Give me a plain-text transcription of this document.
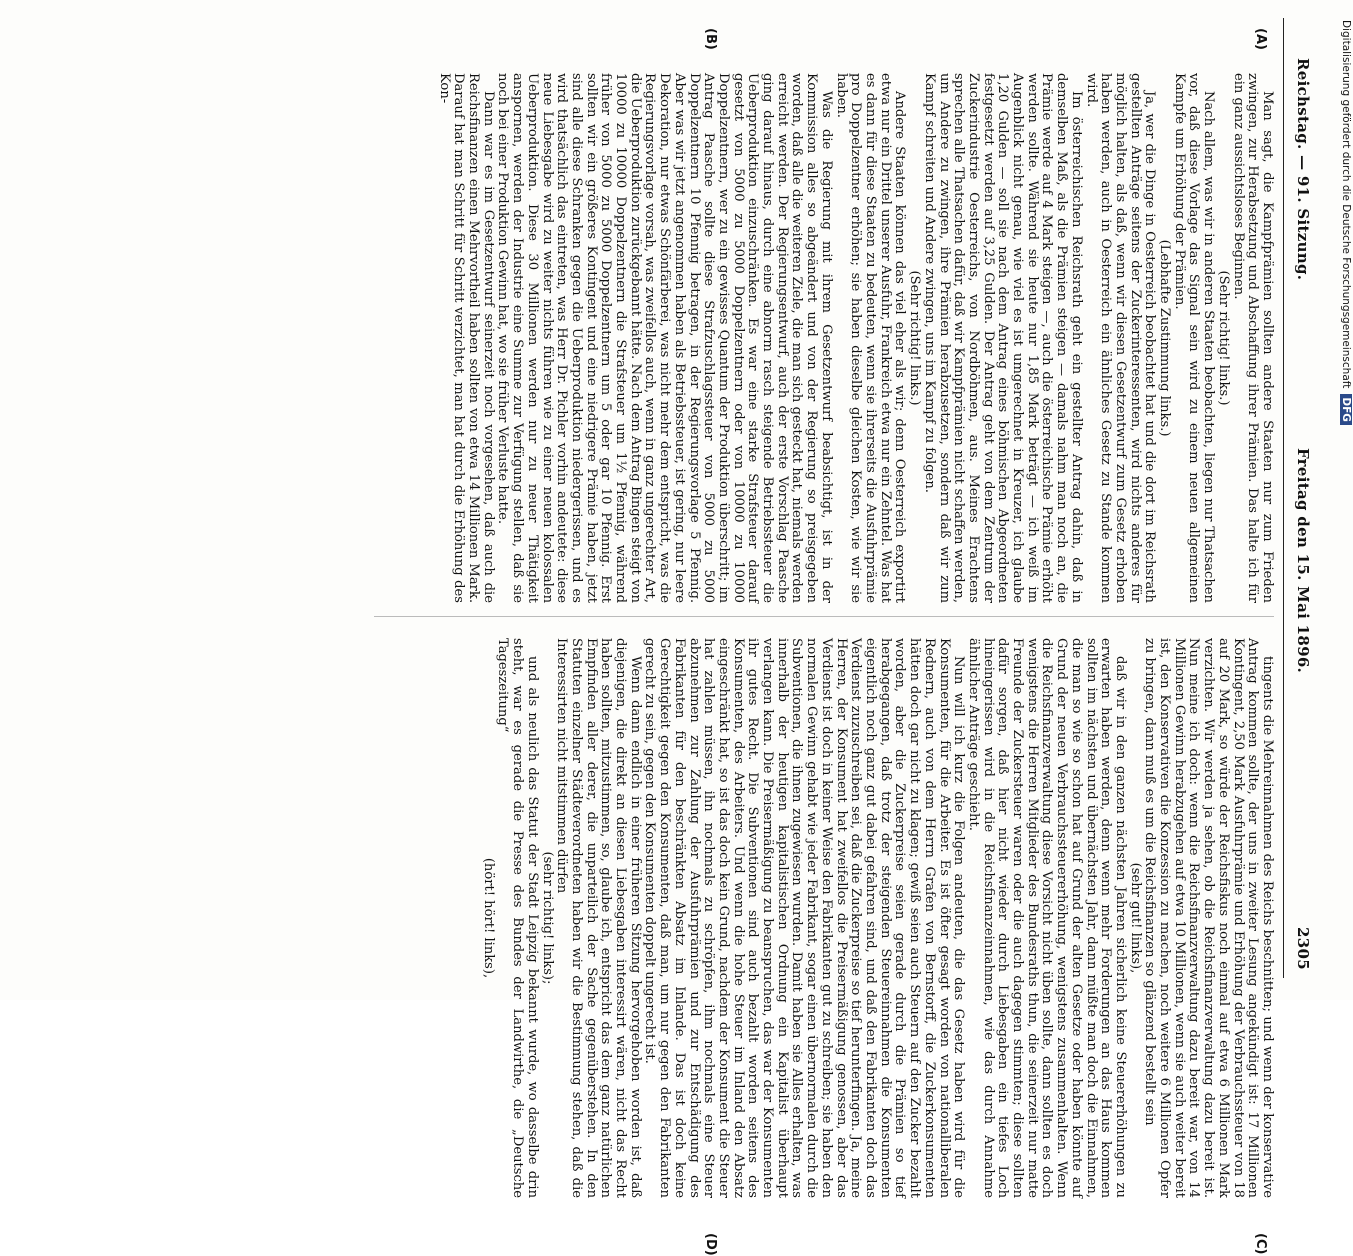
Reichstag. — 91. Sitzung.
Freitag den 15. Mai 1896.
2305
(A)
(B)
(C)
(D)

Man sagt, die Kampfprämien sollten andere Staaten nur zum Frieden zwingen, zur Herabsetzung und Abschaffung ihrer Prämien. Das halte ich für ein ganz aussichtsloses Beginnen.

(Sehr richtig! links.)

Nach allem, was wir in anderen Staaten beobachten, liegen nur Thatsachen vor, daß diese Vorlage das Signal sein wird zu einem neuen allgemeinen Kampfe um Erhöhung der Prämien.

(Lebhafte Zustimmung links.)

Ja, wer die Dinge in Oesterreich beobachtet hat und die dort im Reichsrath gestellten Anträge seitens der Zuckerinteressenten, wird nichts anderes für möglich halten, als daß, wenn wir diesen Gesetzentwurf zum Gesetz erhoben haben werden, auch in Oesterreich ein ähnliches Gesetz zu Stande kommen wird.

Im österreichischen Reichsrath geht ein gestellter Antrag dahin, daß in demselben Maß, als die Prämien steigen — damals nahm man noch an, die Prämie werde auf 4 Mark steigen —, auch die österreichische Prämie erhöht werden sollte. Während sie heute nur 1,85 Mark beträgt — ich weiß im Augenblick nicht genau, wie viel es ist umgerechnet in Kreuzer, ich glaube 1,20 Gulden — soll sie nach dem Antrag eines böhmischen Abgeordneten festgesetzt werden auf 3,25 Gulden. Der Antrag geht von dem Zentrum der Zuckerindustrie Oesterreichs, von Nordböhmen, aus. Meines Erachtens sprechen alle Thatsachen dafür, daß wir Kampfprämien nicht schaffen werden, um Andere zu zwingen, ihre Prämien herabzusetzen, sondern daß wir zum Kampf schreiten und Andere zwingen, uns im Kampf zu folgen.

(Sehr richtig! links.)

Andere Staaten können das viel eher als wir; denn Oesterreich exportirt etwa nur ein Drittel unserer Ausfuhr, Frankreich etwa nur ein Zehntel. Was hat es dann für diese Staaten zu bedeuten, wenn sie ihrerseits die Ausfuhrprämie pro Doppelzentner erhöhen; sie haben dieselbe gleichen Kosten, wie wir sie haben.

Was die Regierung mit ihrem Gesetzentwurf beabsichtigt, ist in der Kommission alles so abgeändert und von der Regierung so preisgegeben worden, daß alle die weiteren Ziele, die man sich gesteckt hat, niemals werden erreicht werden. Der Regierungsentwurf, auch der erste Vorschlag Paasche ging darauf hinaus, durch eine abnorm rasch steigende Betriebssteuer die Ueberproduktion einzuschränken. Es war eine starke Strafsteuer darauf gesetzt von 5000 zu 5000 Doppelzentnern oder von 10000 zu 10000 Doppelzentnern, wer zu ein gewisses Quantum der Produktion überschritt; im Antrag Paasche sollte diese Strafzuschlagssteuer von 5000 zu 5000 Doppelzentnern 10 Pfennig betragen, in der Regierungsvorlage 5 Pfennig. Aber was wir jetzt angenommen haben als Betriebssteuer, ist gering, nur leere Dekoration, nur etwas Schönfärberei, was nicht mehr dem entspricht, was die Regierungsvorlage vorsah, was zweifellos auch, wenn in ganz ungerechter Art, die Ueberproduktion zurückgebannt hätte. Nach dem Antrag Bingen steigt von 10000 zu 10000 Doppelzentnern die Strafsteuer um 1½ Pfennig, während früher von 5000 zu 5000 Doppelzentnern um 5 oder gar 10 Pfennig. Erst sollten wir ein größeres Kontingent und eine niedrigere Prämie haben, jetzt sind alle diese Schranken gegen die Ueberproduktion niedergerissen, und es wird thatsächlich das eintreten, was Herr Dr. Pichler vorhin andeutete: diese neue Liebesgabe wird zu weiter nichts führen wie zu einer neuen kolossalen Ueberproduktion. Diese 30 Millionen werden nur zu neuer Thätigkeit anspornen, werden der Industrie eine Summe zur Verfügung stellen, daß sie noch bei einer Produktion Gewinn hat, wo sie früher Verluste hatte.

Dann war es im Gesetzentwurf seinerzeit noch vorgesehen, daß auch die Reichsfinanzen einen Mehrvortheil haben sollten von etwa 14 Millionen Mark. Darauf hat man Schritt für Schritt verzichtet, man hat durch die Erhöhung des Kon-

tingents die Mehreinnahmen des Reichs beschnitten; und wenn der konservative Antrag kommen sollte, der uns in zweiter Lesung angekündigt ist: 17 Millionen Kontingent, 2,50 Mark Ausfuhrprämie und Erhöhung der Verbrauchssteuer von 18 auf 20 Mark, so würde der Reichsfiskus noch einmal auf etwa 6 Millionen Mark verzichten. Wir werden ja sehen, ob die Reichsfinanzverwaltung dazu bereit ist. Nun meine ich doch: wenn die Reichsfinanzverwaltung dazu bereit war, von 14 Millionen Gewinn herabzugehen auf etwa 10 Millionen, wenn sie auch weiter bereit ist, den Konservativen die Konzession zu machen, noch weitere 6 Millionen Opfer zu bringen, dann muß es um die Reichsfinanzen so glänzend bestellt sein

(sehr gut! links),

daß wir in den ganzen nächsten Jahren sicherlich keine Steuererhöhungen zu erwarten haben werden, denn wenn mehr Forderungen an das Haus kommen sollten im nächsten und übernächsten Jahr, dann müßte man doch die Einnahmen, die man so wie so schon hat auf Grund der alten Gesetze oder haben könnte auf Grund der neuen Verbrauchssteuererhöhung, wenigstens zusammenhalten. Wenn die Reichsfinanzverwaltung diese Vorsicht nicht üben sollte, dann sollten es doch wenigstens die Herren Mitglieder des Bundesraths thun, die seinerzeit nur matte Freunde der Zuckersteuer waren oder die auch dagegen stimmten; diese sollten dafür sorgen, daß hier nicht wieder durch Liebesgaben ein tiefes Loch hineingerissen wird in die Reichsfinanzeinnahmen, wie das durch Annahme ähnlicher Anträge geschieht.

Nun will ich kurz die Folgen andeuten, die das Gesetz haben wird für die Konsumenten, für die Arbeiter. Es ist öfter gesagt worden von nationalliberalen Rednern, auch von dem Herrn Grafen von Bernstorff, die Zuckerkonsumenten hätten doch gar nicht zu klagen; gewiß seien auch Steuern auf den Zucker bezahlt worden, aber die Zuckerpreise seien gerade durch die Prämien so tief herabgegangen, daß trotz der steigenden Steuereinnahmen die Konsumenten eigentlich noch ganz gut dabei gefahren sind, und daß den Fabrikanten doch das Verdienst zuzuschreiben sei, daß die Zuckerpreise so tief herunterfingen. Ja, meine Herren, der Konsument hat zweifellos die Preisermäßigung genossen, aber das Verdienst ist doch in keiner Weise den Fabrikanten gut zu schreiben; sie haben den normalen Gewinn gehabt wie jeder Fabrikant, sogar einen übernormalen durch die Subventionen, die ihnen zugewiesen wurden. Damit haben sie Alles erhalten, was innerhalb der heutigen kapitalistischen Ordnung ein Kapitalist überhaupt verlangen kann. Die Preisermäßigung zu beanspruchen, das war der Konsumenten ihr gutes Recht. Die Subventionen sind auch bezahlt worden seitens des Konsumenten, des Arbeiters. Und wenn die hohe Steuer im Inland den Absatz eingeschränkt hat, so ist das doch kein Grund, nachdem der Konsument die Steuer hat zahlen müssen, ihn nochmals zu schröpfen, ihm nochmals eine Steuer abzunehmen zur Zahlung der Ausfuhrprämien und zur Entschädigung des Fabrikanten für den beschränkten Absatz im Inlande. Das ist doch keine Gerechtigkeit gegen den Konsumenten, daß man, um nur gegen den Fabrikanten gerecht zu sein, gegen den Konsumenten doppelt ungerecht ist.

Wenn dann endlich in einer früheren Sitzung hervorgehoben worden ist, daß diejenigen, die direkt an diesen Liebesgaben interessirt wären, nicht das Recht haben sollten, mitzustimmen, so, glaube ich, entspricht das dem ganz natürlichen Empfinden aller derer, die unparteilich der Sache gegenüberstehen. In den Statuten einzelner Städteverordneten haben wir die Bestimmung stehen, daß die Interessirten nicht mitstimmen dürfen

(sehr richtig! links);

und als neulich das Statut der Stadt Leipzig bekannt wurde, wo dasselbe drin steht, war es gerade die Presse des Bundes der Landwirthe, die „Deutsche Tageszeitung“

(hört! hört! links),

Digitalisierung gefördert durch die Deutsche ForschungsgemeinschaftDFG
